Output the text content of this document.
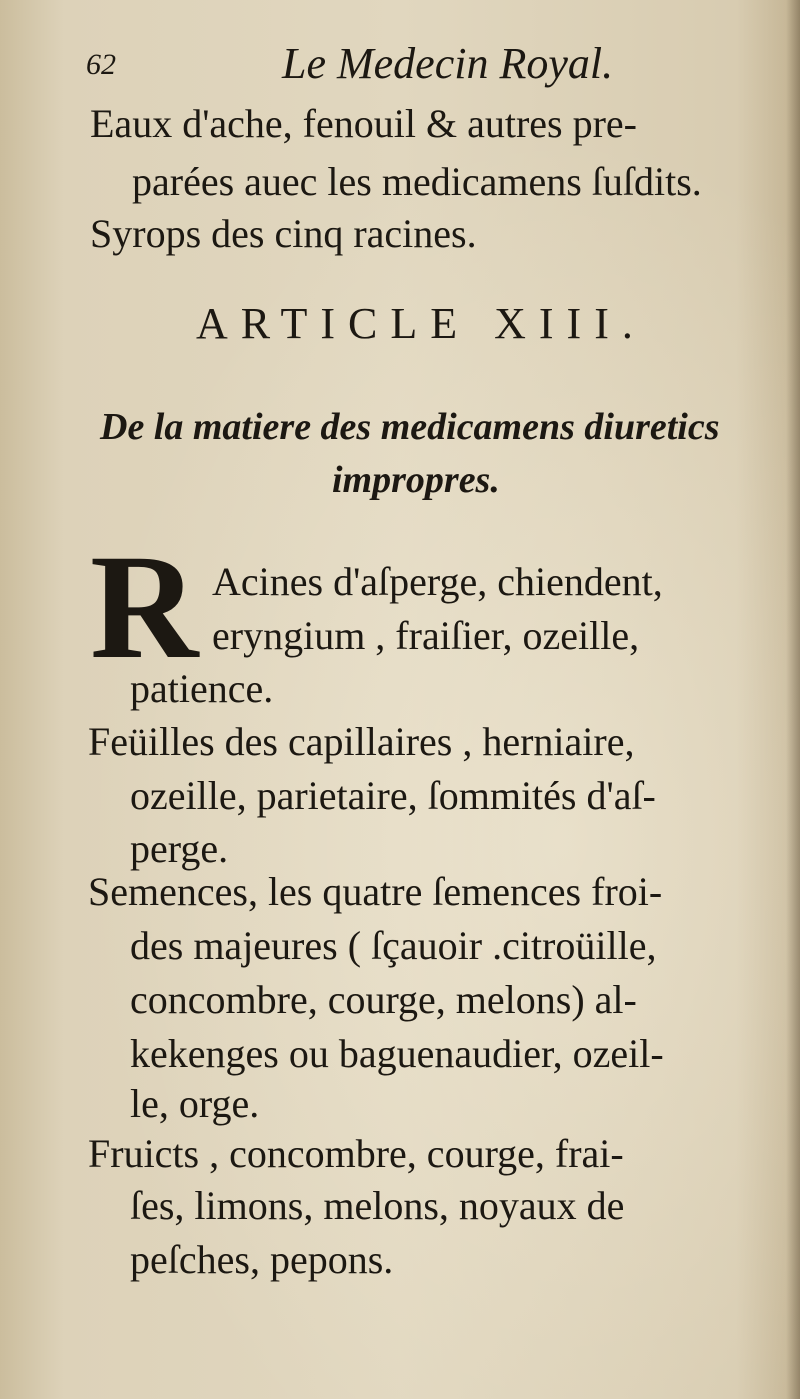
62	Le Medecin Royal.
Eaux d'ache, fenouil & autres pre-
parées auec les medicamens ſuſdits.
Syrops des cinq racines.
ARTICLE XIII.
De la matiere des medicamens diuretics
impropres.
R Acines d'aſperge, chiendent,
eryngium , fraiſier, ozeille,
patience.
Feüilles des capillaires , herniaire,
ozeille, parietaire, ſommités d'aſ-
perge.
Semences, les quatre ſemences froi-
des majeures ( ſçauoir .citroüille,
concombre, courge, melons) al-
kekenges ou baguenaudier, ozeil-
le, orge.
Fruicts , concombre, courge, frai-
ſes, limons, melons, noyaux de
peſches, pepons.
